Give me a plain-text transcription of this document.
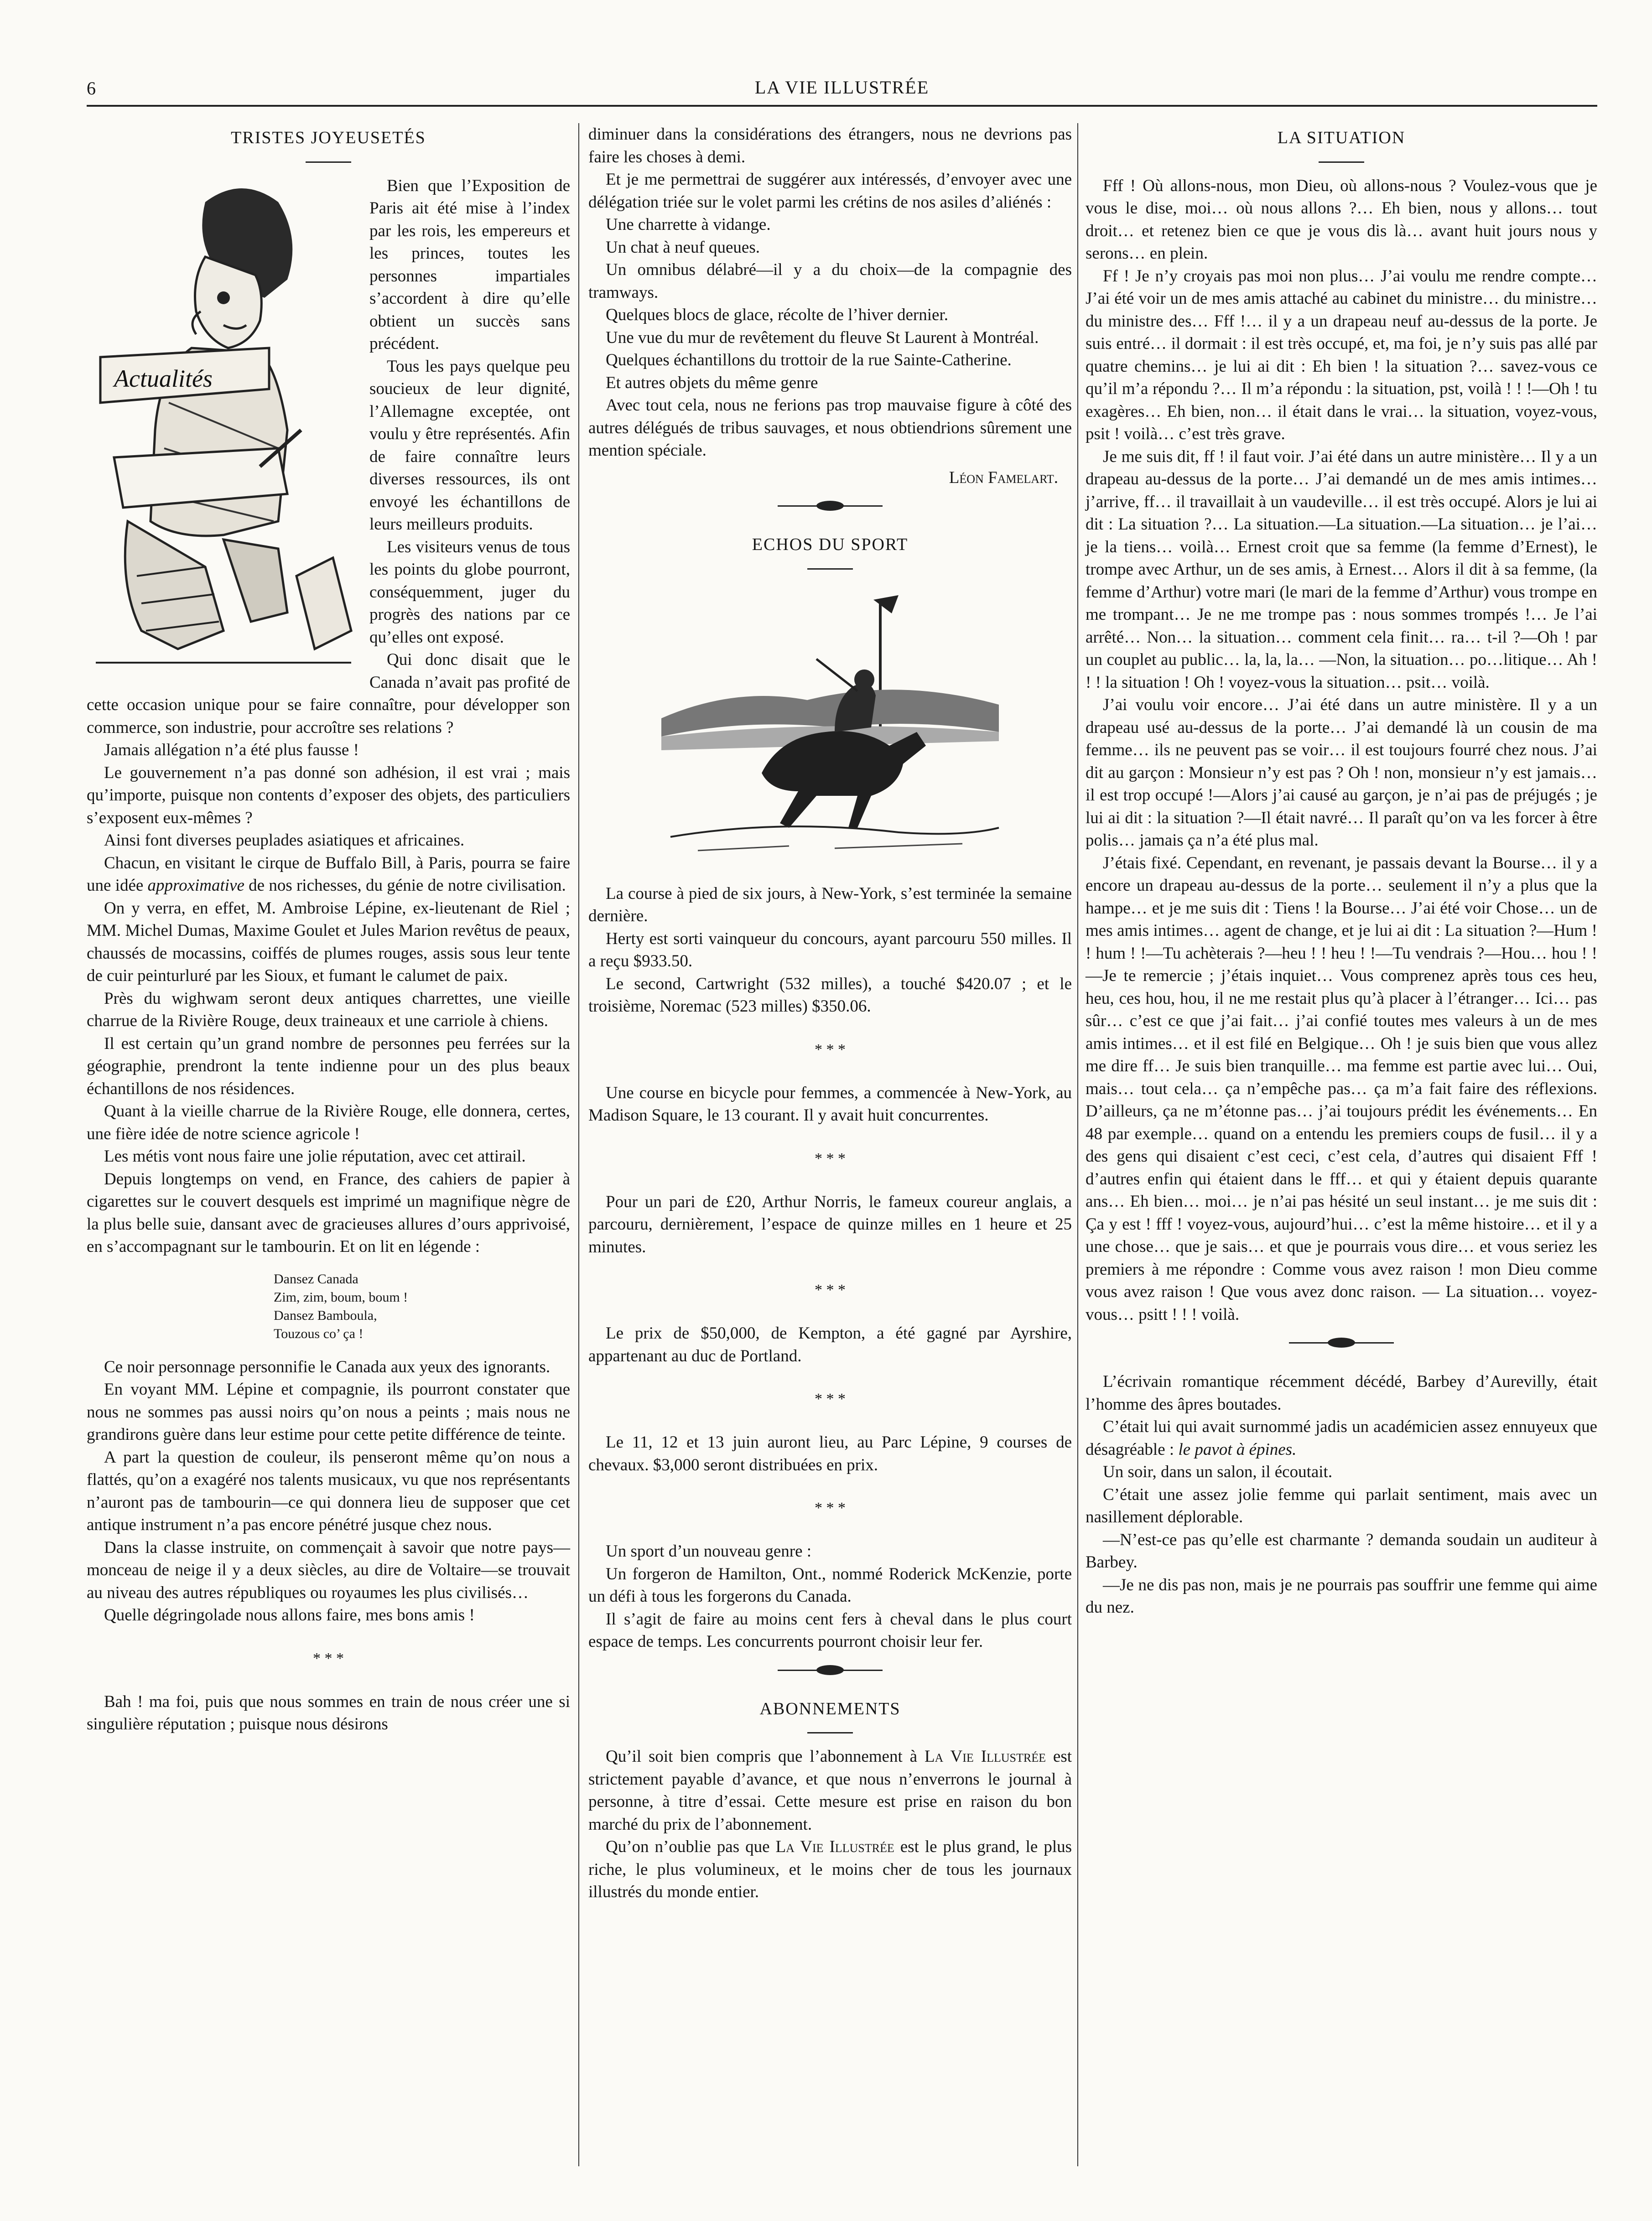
6	LA VIE ILLUSTRÉE
TRISTES JOYEUSETÉS
Actualités

Bien que l’Exposition de Paris ait été mise à l’index par les rois, les empereurs et les princes, toutes les personnes impartiales s’accordent à dire qu’elle obtient un succès sans précédent.

Tous les pays quelque peu soucieux de leur dignité, l’Allemagne exceptée, ont voulu y être représentés. Afin de faire connaître leurs diverses ressources, ils ont envoyé les échantillons de leurs meilleurs produits.

Les visiteurs venus de tous les points du globe pourront, conséquemment, juger du progrès des nations par ce qu’elles ont exposé.

Qui donc disait que le Canada n’avait pas profité de cette occasion unique pour se faire connaître, pour développer son commerce, son industrie, pour accroître ses relations ?

Jamais allégation n’a été plus fausse !

Le gouvernement n’a pas donné son adhésion, il est vrai ; mais qu’importe, puisque non contents d’exposer des objets, des particuliers s’exposent eux-mêmes ?

Ainsi font diverses peuplades asiatiques et africaines.

Chacun, en visitant le cirque de Buffalo Bill, à Paris, pourra se faire une idée approximative de nos richesses, du génie de notre civilisation.

On y verra, en effet, M. Ambroise Lépine, ex-lieutenant de Riel ; MM. Michel Dumas, Maxime Goulet et Jules Marion revêtus de peaux, chaussés de mocassins, coiffés de plumes rouges, assis sous leur tente de cuir peinturluré par les Sioux, et fumant le calumet de paix.

Près du wighwam seront deux antiques charrettes, une vieille charrue de la Rivière Rouge, deux traineaux et une carriole à chiens.

Il est certain qu’un grand nombre de personnes peu ferrées sur la géographie, prendront la tente indienne pour un des plus beaux échantillons de nos résidences.

Quant à la vieille charrue de la Rivière Rouge, elle donnera, certes, une fière idée de notre science agricole !

Les métis vont nous faire une jolie réputation, avec cet attirail.

Depuis longtemps on vend, en France, des cahiers de papier à cigarettes sur le couvert desquels est imprimé un magnifique nègre de la plus belle suie, dansant avec de gracieuses allures d’ours apprivoisé, en s’accompagnant sur le tambourin. Et on lit en légende :

Dansez Canada
Zim, zim, boum, boum !
Dansez Bamboula,
Touzous co’ ça !

Ce noir personnage personnifie le Canada aux yeux des ignorants.

En voyant MM. Lépine et compagnie, ils pourront constater que nous ne sommes pas aussi noirs qu’on nous a peints ; mais nous ne grandirons guère dans leur estime pour cette petite différence de teinte.

A part la question de couleur, ils penseront même qu’on nous a flattés, qu’on a exagéré nos talents musicaux, vu que nos représentants n’auront pas de tambourin—ce qui donnera lieu de supposer que cet antique instrument n’a pas encore pénétré jusque chez nous.

Dans la classe instruite, on commençait à savoir que notre pays—monceau de neige il y a deux siècles, au dire de Voltaire—se trouvait au niveau des autres républiques ou royaumes les plus civilisés…

Quelle dégringolade nous allons faire, mes bons amis !

* * *

Bah ! ma foi, puis que nous sommes en train de nous créer une si singulière réputation ; puisque nous désirons

diminuer dans la considérations des étrangers, nous ne devrions pas faire les choses à demi.

Et je me permettrai de suggérer aux intéressés, d’envoyer avec une délégation triée sur le volet parmi les crétins de nos asiles d’aliénés :

Une charrette à vidange.

Un chat à neuf queues.

Un omnibus délabré—il y a du choix—de la compagnie des tramways.

Quelques blocs de glace, récolte de l’hiver dernier.

Une vue du mur de revêtement du fleuve St Laurent à Montréal.

Quelques échantillons du trottoir de la rue Sainte-Catherine.

Et autres objets du même genre

Avec tout cela, nous ne ferions pas trop mauvaise figure à côté des autres délégués de tribus sauvages, et nous obtiendrions sûrement une mention spéciale.

Léon Famelart.
ECHOS DU SPORT

La course à pied de six jours, à New-York, s’est terminée la semaine dernière.

Herty est sorti vainqueur du concours, ayant parcouru 550 milles. Il a reçu $933.50.

Le second, Cartwright (532 milles), a touché $420.07 ; et le troisième, Noremac (523 milles) $350.06.

* * *

Une course en bicycle pour femmes, a commencée à New-York, au Madison Square, le 13 courant. Il y avait huit concurrentes.

* * *

Pour un pari de £20, Arthur Norris, le fameux coureur anglais, a parcouru, dernièrement, l’espace de quinze milles en 1 heure et 25 minutes.

* * *

Le prix de $50,000, de Kempton, a été gagné par Ayrshire, appartenant au duc de Portland.

* * *

Le 11, 12 et 13 juin auront lieu, au Parc Lépine, 9 courses de chevaux. $3,000 seront distribuées en prix.

* * *

Un sport d’un nouveau genre :

Un forgeron de Hamilton, Ont., nommé Roderick McKenzie, porte un défi à tous les forgerons du Canada.

Il s’agit de faire au moins cent fers à cheval dans le plus court espace de temps. Les concurrents pourront choisir leur fer.

ABONNEMENTS

Qu’il soit bien compris que l’abonnement à La Vie Illustrée est strictement payable d’avance, et que nous n’enverrons le journal à personne, à titre d’essai. Cette mesure est prise en raison du bon marché du prix de l’abonnement.

Qu’on n’oublie pas que La Vie Illustrée est le plus grand, le plus riche, le plus volumineux, et le moins cher de tous les journaux illustrés du monde entier.

LA SITUATION

Fff ! Où allons-nous, mon Dieu, où allons-nous ? Voulez-vous que je vous le dise, moi… où nous allons ?… Eh bien, nous y allons… tout droit… et retenez bien ce que je vous dis là… avant huit jours nous y serons… en plein.

Ff ! Je n’y croyais pas moi non plus… J’ai voulu me rendre compte… J’ai été voir un de mes amis attaché au cabinet du ministre… du ministre… du ministre des… Fff !… il y a un drapeau neuf au-dessus de la porte. Je suis entré… il dormait : il est très occupé, et, ma foi, je n’y suis pas allé par quatre chemins… je lui ai dit : Eh bien ! la situation ?… savez-vous ce qu’il m’a répondu ?… Il m’a répondu : la situation, pst, voilà ! ! !—Oh ! tu exagères… Eh bien, non… il était dans le vrai… la situation, voyez-vous, psit ! voilà… c’est très grave.

Je me suis dit, ff ! il faut voir. J’ai été dans un autre ministère… Il y a un drapeau au-dessus de la porte… J’ai demandé un de mes amis intimes… j’arrive, ff… il travaillait à un vaudeville… il est très occupé. Alors je lui ai dit : La situation ?… La situation.—La situation.—La situation… je l’ai… je la tiens… voilà… Ernest croit que sa femme (la femme d’Ernest), le trompe avec Arthur, un de ses amis, à Ernest… Alors il dit à sa femme, (la femme d’Arthur) votre mari (le mari de la femme d’Arthur) vous trompe en me trompant… Je ne me trompe pas : nous sommes trompés !… Je l’ai arrêté… Non… la situation… comment cela finit… ra… t-il ?—Oh ! par un couplet au public… la, la, la… —Non, la situation… po…litique… Ah ! ! ! la situation ! Oh ! voyez-vous la situation… psit… voilà.

J’ai voulu voir encore… J’ai été dans un autre ministère. Il y a un drapeau usé au-dessus de la porte… J’ai demandé là un cousin de ma femme… ils ne peuvent pas se voir… il est toujours fourré chez nous. J’ai dit au garçon : Monsieur n’y est pas ? Oh ! non, monsieur n’y est jamais… il est trop occupé !—Alors j’ai causé au garçon, je n’ai pas de préjugés ; je lui ai dit : la situation ?—Il était navré… Il paraît qu’on va les forcer à être polis… jamais ça n’a été plus mal.

J’étais fixé. Cependant, en revenant, je passais devant la Bourse… il y a encore un drapeau au-dessus de la porte… seulement il n’y a plus que la hampe… et je me suis dit : Tiens ! la Bourse… J’ai été voir Chose… un de mes amis intimes… agent de change, et je lui ai dit : La situation ?—Hum ! ! hum ! !—Tu achèterais ?—heu ! ! heu ! !—Tu vendrais ?—Hou… hou ! !—Je te remercie ; j’étais inquiet… Vous comprenez après tous ces heu, heu, ces hou, hou, il ne me restait plus qu’à placer à l’étranger… Ici… pas sûr… c’est ce que j’ai fait… j’ai confié toutes mes valeurs à un de mes amis intimes… et il est filé en Belgique… Oh ! je suis bien que vous allez me dire ff… Je suis bien tranquille… ma femme est partie avec lui… Oui, mais… tout cela… ça n’empêche pas… ça m’a fait faire des réflexions. D’ailleurs, ça ne m’étonne pas… j’ai toujours prédit les événements… En 48 par exemple… quand on a entendu les premiers coups de fusil… il y a des gens qui disaient c’est ceci, c’est cela, d’autres qui disaient Fff ! d’autres enfin qui étaient dans le fff… et qui y étaient depuis quarante ans… Eh bien… moi… je n’ai pas hésité un seul instant… je me suis dit : Ça y est ! fff ! voyez-vous, aujourd’hui… c’est la même histoire… et il y a une chose… que je sais… et que je pourrais vous dire… et vous seriez les premiers à me répondre : Comme vous avez raison ! mon Dieu comme vous avez raison ! Que vous avez donc raison. — La situation… voyez-vous… psitt ! ! ! voilà.

L’écrivain romantique récemment décédé, Barbey d’Aurevilly, était l’homme des âpres boutades.

C’était lui qui avait surnommé jadis un académicien assez ennuyeux que désagréable : le pavot à épines.

Un soir, dans un salon, il écoutait.

C’était une assez jolie femme qui parlait sentiment, mais avec un nasillement déplorable.

—N’est-ce pas qu’elle est charmante ? demanda soudain un auditeur à Barbey.

—Je ne dis pas non, mais je ne pourrais pas souffrir une femme qui aime du nez.
